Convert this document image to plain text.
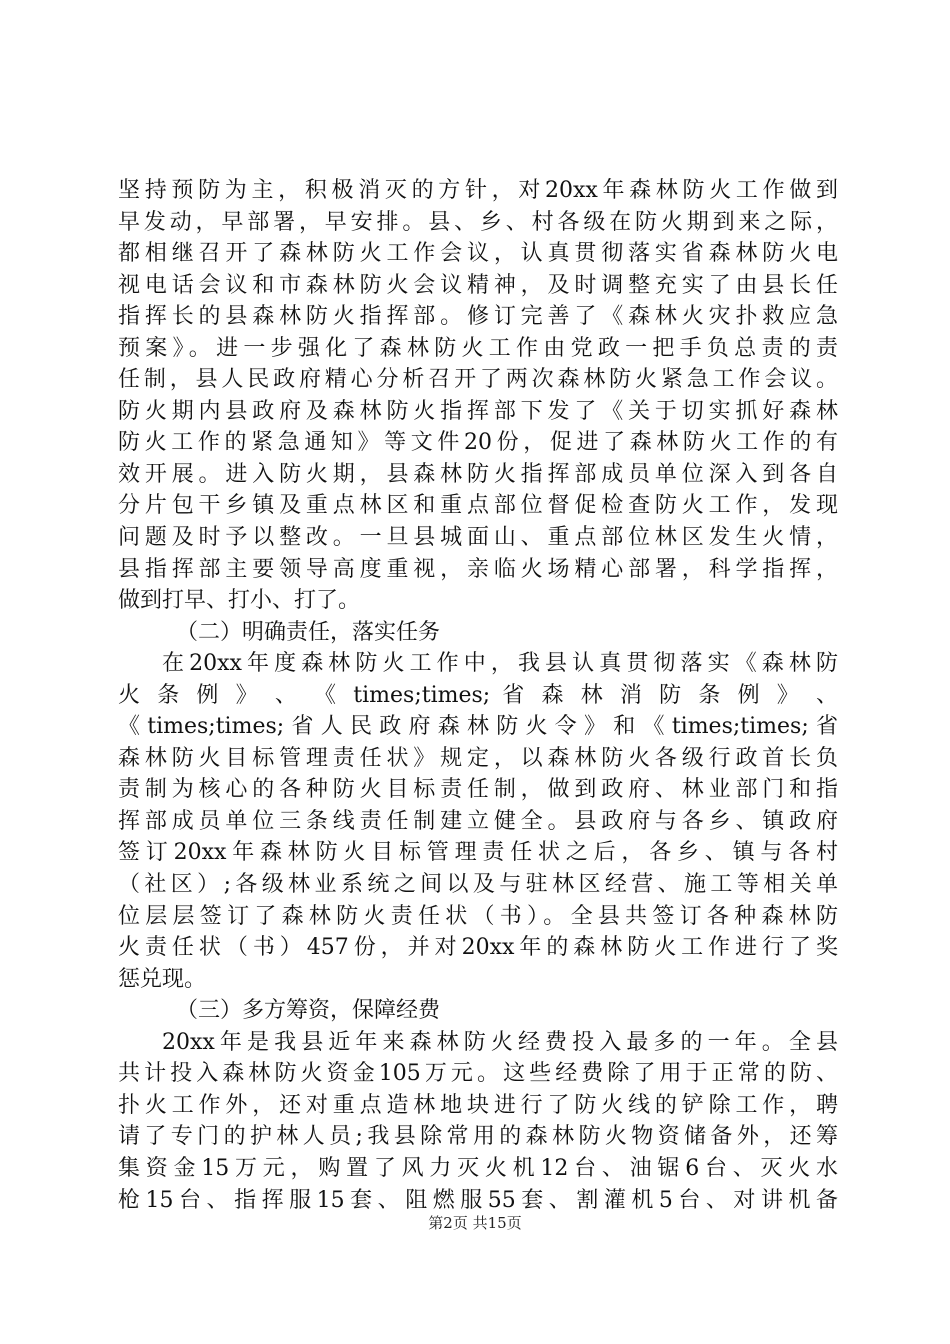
坚持预防为主，积极消灭的方针，对20xx年森林防火工作做到
早发动，早部署，早安排。县、乡、村各级在防火期到来之际，
都相继召开了森林防火工作会议，认真贯彻落实省森林防火电
视电话会议和市森林防火会议精神，及时调整充实了由县长任
指挥长的县森林防火指挥部。修订完善了《森林火灾扑救应急
预案》。进一步强化了森林防火工作由党政一把手负总责的责
任制，县人民政府精心分析召开了两次森林防火紧急工作会议。
防火期内县政府及森林防火指挥部下发了《关于切实抓好森林
防火工作的紧急通知》等文件20份，促进了森林防火工作的有
效开展。进入防火期，县森林防火指挥部成员单位深入到各自
分片包干乡镇及重点林区和重点部位督促检查防火工作，发现
问题及时予以整改。一旦县城面山、重点部位林区发生火情，
县指挥部主要领导高度重视，亲临火场精心部署，科学指挥，
做到打早、打小、打了。
（二）明确责任，落实任务
在20xx年度森林防火工作中，我县认真贯彻落实《森林防
火 条 例 》 、 《 times;times; 省 森 林 消 防 条 例 》 、
《times;times;省人民政府森林防火令》和《times;times;省
森林防火目标管理责任状》规定，以森林防火各级行政首长负
责制为核心的各种防火目标责任制，做到政府、林业部门和指
挥部成员单位三条线责任制建立健全。县政府与各乡、镇政府
签订20xx年森林防火目标管理责任状之后，各乡、镇与各村
（社区）;各级林业系统之间以及与驻林区经营、施工等相关单
位层层签订了森林防火责任状（书）。全县共签订各种森林防
火责任状（书）457份，并对20xx年的森林防火工作进行了奖
惩兑现。
（三）多方筹资，保障经费
20xx年是我县近年来森林防火经费投入最多的一年。全县
共计投入森林防火资金105万元。这些经费除了用于正常的防、
扑火工作外，还对重点造林地块进行了防火线的铲除工作，聘
请了专门的护林人员;我县除常用的森林防火物资储备外，还筹
集资金15万元，购置了风力灭火机12台、油锯6台、灭火水
枪15台、指挥服15套、阻燃服55套、割灌机5台、对讲机备
第2页 共15页
